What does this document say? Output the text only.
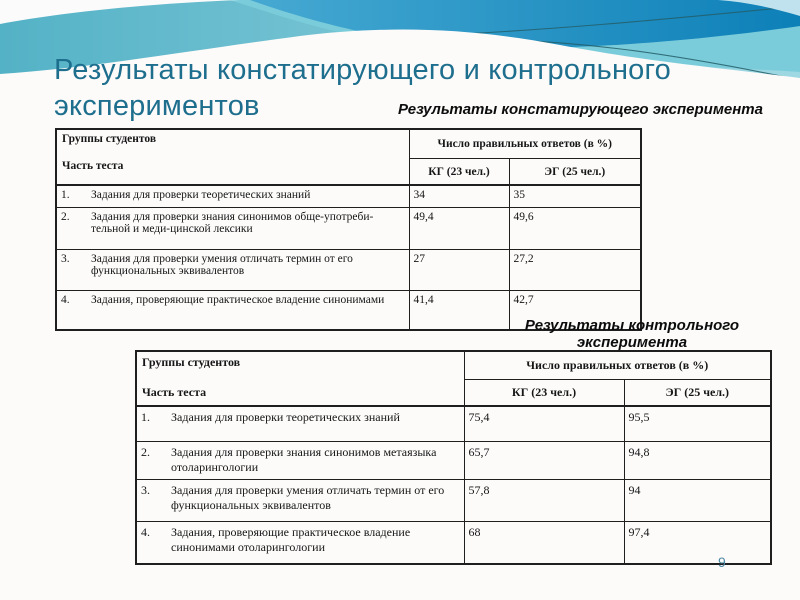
Результаты констатирующего и контрольного экспериментов	Результаты констатирующего эксперимента
Группы студентов
Часть теста	Число правильных ответов (в %)	
	КГ (23 чел.)	ЭГ (25 чел.)

1. Задания для проверки теоретических знаний	34	35

2. Задания для проверки знания синонимов обще-употреби-тельной и меди-цинской лексики	49,4	49,6

3. Задания для проверки умения отличать термин от его функциональных эквивалентов	27	27,2

4. Задания, проверяющие практическое владение синонимами	41,4	42,7
Результаты контрольного эксперимента
Группы студентов
Часть теста	Число правильных ответов (в %)	
	КГ (23 чел.)	ЭГ (25 чел.)

1. Задания для проверки теоретических знаний	75,4	95,5

2. Задания для проверки знания синонимов метаязыка отоларингологии	65,7	94,8

3. Задания для проверки умения отличать термин от его функциональных эквивалентов	57,8	94

4. Задания, проверяющие практическое владение синонимами отоларингологии	68	97,4
9
